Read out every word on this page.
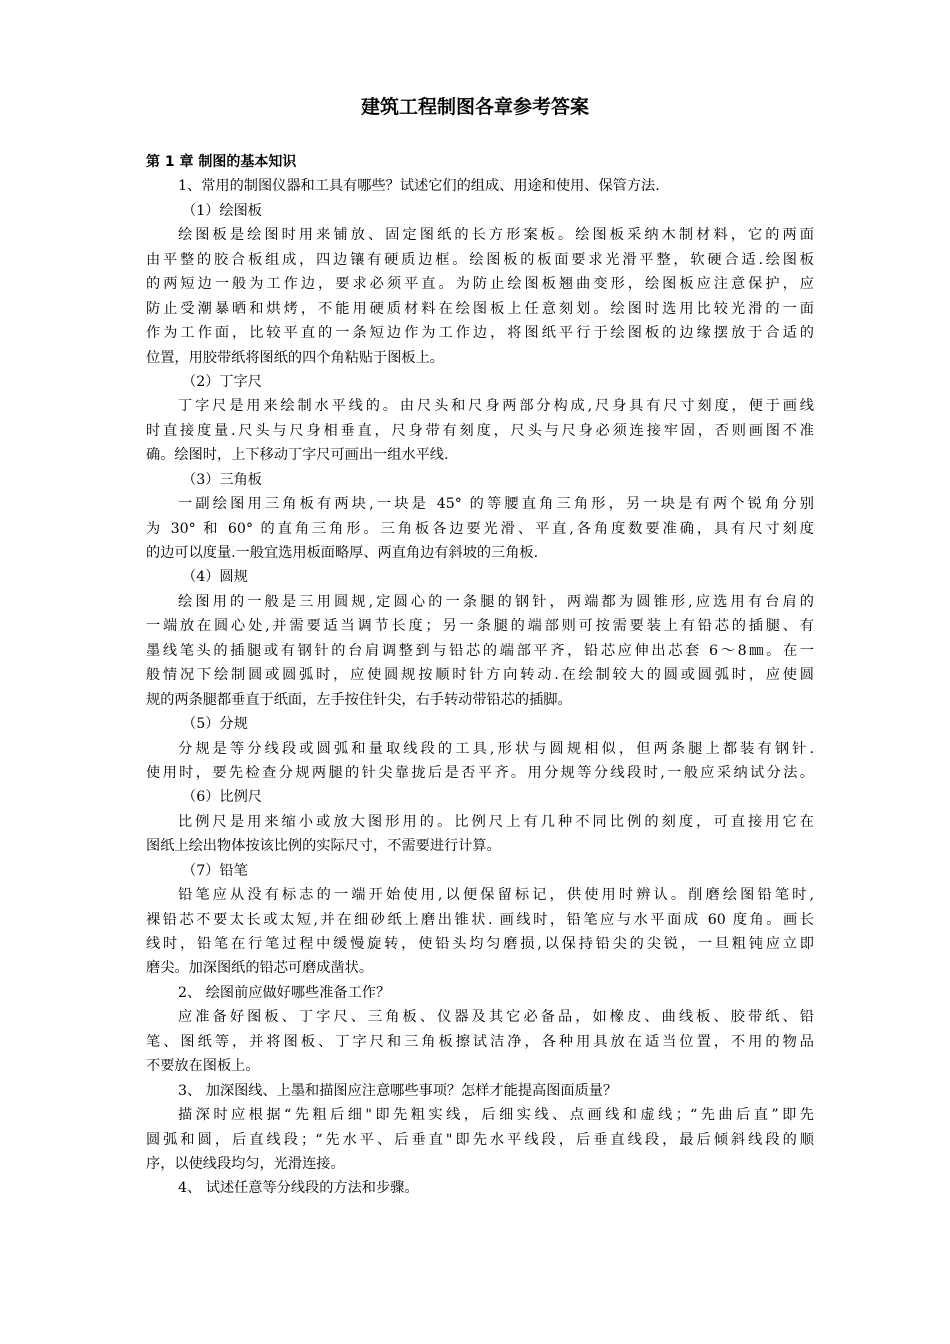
建筑工程制图各章参考答案
第 1 章 制图的基本知识
1、常用的制图仪器和工具有哪些？试述它们的组成、用途和使用、保管方法.
（1）绘图板
绘图板是绘图时用来铺放、固定图纸的长方形案板。绘图板采纳木制材料，它的两面
由平整的胶合板组成，四边镶有硬质边框。绘图板的板面要求光滑平整，软硬合适.绘图板
的两短边一般为工作边，要求必须平直。为防止绘图板翘曲变形，绘图板应注意保护，应
防止受潮暴晒和烘烤，不能用硬质材料在绘图板上任意刻划。绘图时选用比较光滑的一面
作为工作面，比较平直的一条短边作为工作边，将图纸平行于绘图板的边缘摆放于合适的
位置，用胶带纸将图纸的四个角粘贴于图板上。
（2）丁字尺
丁字尺是用来绘制水平线的。由尺头和尺身两部分构成,尺身具有尺寸刻度，便于画线
时直接度量.尺头与尺身相垂直，尺身带有刻度，尺头与尺身必须连接牢固，否则画图不准
确。绘图时，上下移动丁字尺可画出一组水平线.
（3）三角板
一副绘图用三角板有两块,一块是 45° 的等腰直角三角形，另一块是有两个锐角分别
为 30° 和 60° 的直角三角形。三角板各边要光滑、平直,各角度数要准确，具有尺寸刻度
的边可以度量.一般宜选用板面略厚、两直角边有斜坡的三角板.
（4）圆规
绘图用的一般是三用圆规,定圆心的一条腿的钢针，两端都为圆锥形,应选用有台肩的
一端放在圆心处,并需要适当调节长度；另一条腿的端部则可按需要装上有铅芯的插腿、有
墨线笔头的插腿或有钢针的台肩调整到与铅芯的端部平齐，铅芯应伸出芯套 6～8㎜。在一
般情况下绘制圆或圆弧时，应使圆规按顺时针方向转动.在绘制较大的圆或圆弧时，应使圆
规的两条腿都垂直于纸面，左手按住针尖，右手转动带铅芯的插脚。
（5）分规
分规是等分线段或圆弧和量取线段的工具,形状与圆规相似，但两条腿上都装有钢针.
使用时，要先检查分规两腿的针尖靠拢后是否平齐。用分规等分线段时,一般应采纳试分法。
（6）比例尺
比例尺是用来缩小或放大图形用的。比例尺上有几种不同比例的刻度，可直接用它在
图纸上绘出物体按该比例的实际尺寸，不需要进行计算。
（7）铅笔
铅笔应从没有标志的一端开始使用,以便保留标记，供使用时辨认。削磨绘图铅笔时,
裸铅芯不要太长或太短,并在细砂纸上磨出锥状. 画线时，铅笔应与水平面成 60 度角。画长
线时，铅笔在行笔过程中缓慢旋转，使铅头均匀磨损,以保持铅尖的尖锐，一旦粗钝应立即
磨尖。加深图纸的铅芯可磨成凿状。
2、 绘图前应做好哪些准备工作？
应准备好图板、丁字尺、三角板、仪器及其它必备品，如橡皮、曲线板、胶带纸、铅
笔、图纸等，并将图板、丁字尺和三角板擦试洁净，各种用具放在适当位置，不用的物品
不要放在图板上。
3、 加深图线、上墨和描图应注意哪些事项？怎样才能提高图面质量？
描深时应根据“先粗后细"即先粗实线，后细实线、点画线和虚线；“先曲后直”即先
圆弧和圆，后直线段；“先水平、后垂直"即先水平线段，后垂直线段，最后倾斜线段的顺
序，以使线段均匀，光滑连接。
4、 试述任意等分线段的方法和步骤。
